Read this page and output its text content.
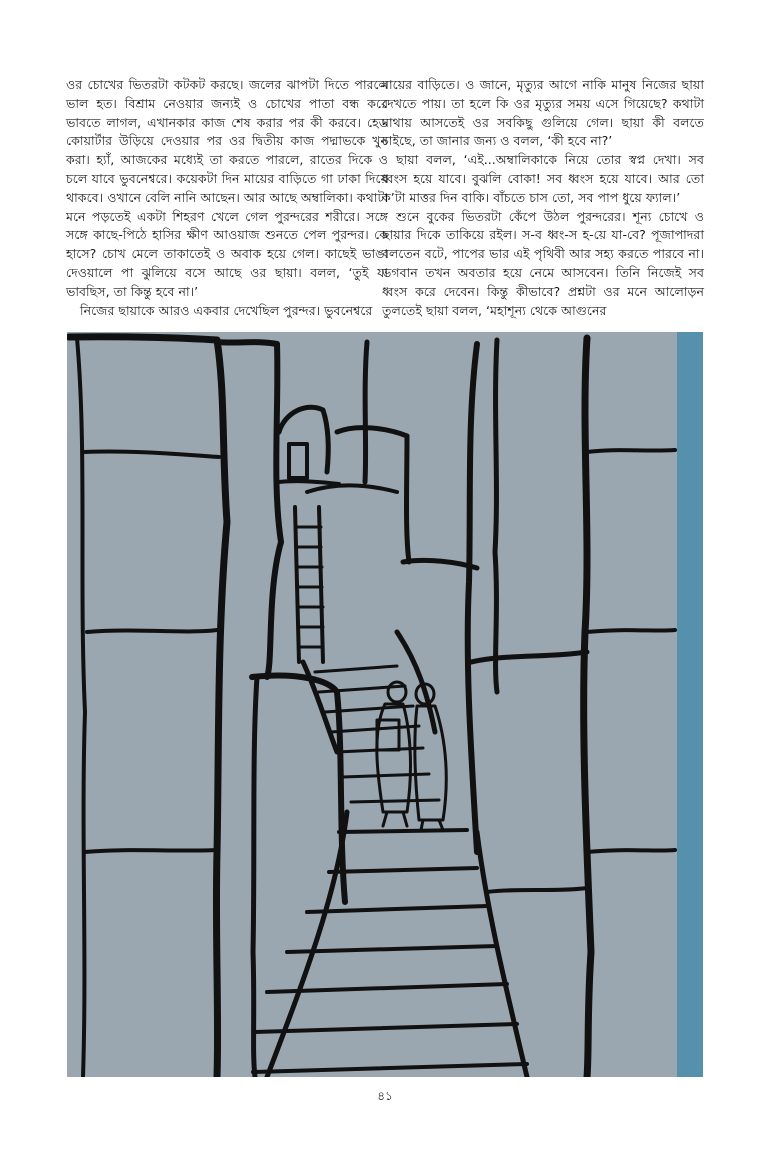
ওর চোখের ভিতরটা কটকট করছে। জলের ঝাপটা দিতে পারলে ভাল হত। বিশ্রাম নেওয়ার জন্যই ও চোখের পাতা বন্ধ করে ভাবতে লাগল, এখানকার কাজ শেষ করার পর কী করবে। হেড কোয়ার্টার উড়িয়ে দেওয়ার পর ওর দ্বিতীয় কাজ পদ্মাভকে খুন করা। হ্যাঁ, আজকের মধ্যেই তা করতে পারলে, রাতের দিকে ও চলে যাবে ভুবনেশ্বরে। কয়েকটা দিন মায়ের বাড়িতে গা ঢাকা দিয়ে থাকবে। ওখানে বেলি নানি আছেন। আর আছে অম্বালিকা। কথাটা মনে পড়তেই একটা শিহরণ খেলে গেল পুরন্দরের শরীরে। সঙ্গে সঙ্গে কাছে-পিঠে হাসির ক্ষীণ আওয়াজ শুনতে পেল পুরন্দর। কে হাসে? চোখ মেলে তাকাতেই ও অবাক হয়ে গেল। কাছেই ভাঙা দেওয়ালে পা ঝুলিয়ে বসে আছে ওর ছায়া। বলল, ‘তুই যা ভাবছিস, তা কিন্তু হবে না।’

নিজের ছায়াকে আরও একবার দেখেছিল পুরন্দর। ভুবনেশ্বরে

মায়ের বাড়িতে। ও জানে, মৃত্যুর আগে নাকি মানুষ নিজের ছায়া দেখতে পায়। তা হলে কি ওর মৃত্যুর সময় এসে গিয়েছে? কথাটা মাথায় আসতেই ওর সবকিছু গুলিয়ে গেল। ছায়া কী বলতে চাইছে, তা জানার জন্য ও বলল, ‘কী হবে না?’

ছায়া বলল, ‘এই...অম্বালিকাকে নিয়ে তোর স্বপ্ন দেখা। সব ধ্বংস হয়ে যাবে। বুঝলি বোকা! সব ধ্বংস হয়ে যাবে। আর তো ক’টা মাত্তর দিন বাকি। বাঁচতে চাস তো, সব পাপ ধুয়ে ফ্যাল।’

শুনে বুকের ভিতরটা কেঁপে উঠল পুরন্দরের। শূন্য চোখে ও ছায়ার দিকে তাকিয়ে রইল। স-ব ধ্বং-স হ-য়ে যা-বে? পূজাপাদরা বলতেন বটে, পাপের ভার এই পৃথিবী আর সহ্য করতে পারবে না। ভগবান তখন অবতার হয়ে নেমে আসবেন। তিনি নিজেই সব ধ্বংস করে দেবেন। কিন্তু কীভাবে? প্রশ্নটা ওর মনে আলোড়ন তুলতেই ছায়া বলল, ‘মহাশূন্য থেকে আগুনের

৪১
